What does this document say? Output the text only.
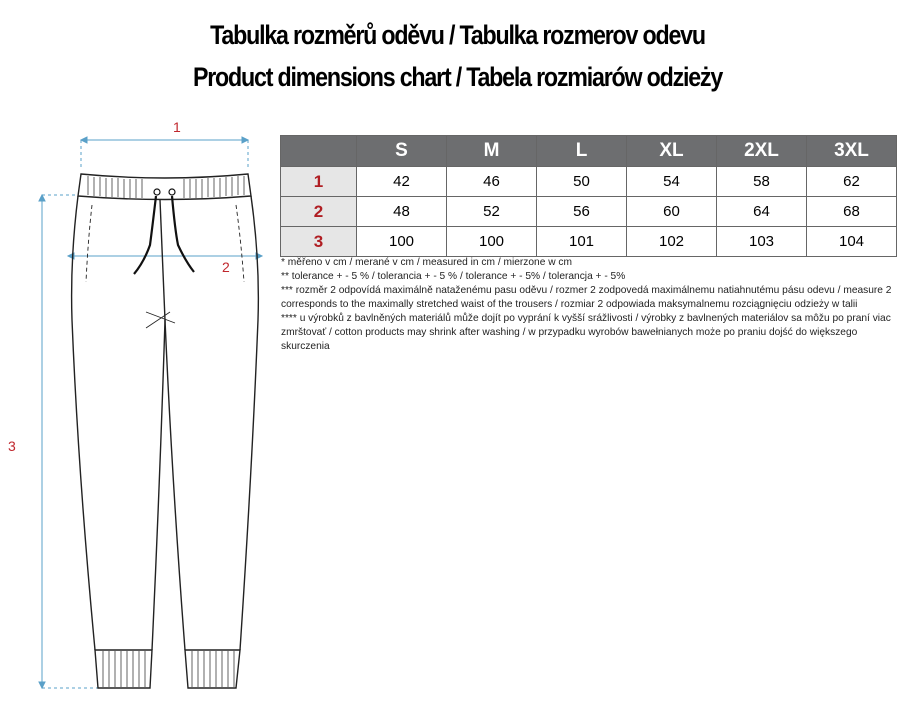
Tabulka rozměrů oděvu / Tabulka rozmerov odevu
Product dimensions chart / Tabela rozmiarów odzieży
1
2
3
	S	M	L	XL	2XL	3XL
1	42	46	50	54	58	62
2	48	52	56	60	64	68
3	100	100	101	102	103	104

* měřeno v cm / merané v cm / measured in cm / mierzone w cm

** tolerance + - 5 % / tolerancia + - 5 % / tolerance + - 5% / tolerancja + - 5%

*** rozměr 2 odpovídá maximálně nataženému pasu oděvu / rozmer 2 zodpovedá maximálnemu natiahnutému pásu odevu / measure 2 corresponds to the maximally stretched waist of the trousers / rozmiar 2 odpowiada maksymalnemu rozciągnięciu odzieży w talii

**** u výrobků z bavlněných materiálů může dojít po vyprání k vyšší srážlivosti / výrobky z bavlnených materiálov sa môžu po praní viac zmrštovať / cotton products may shrink after washing / w przypadku wyrobów bawełnianych może po praniu dojść do większego skurczenia
